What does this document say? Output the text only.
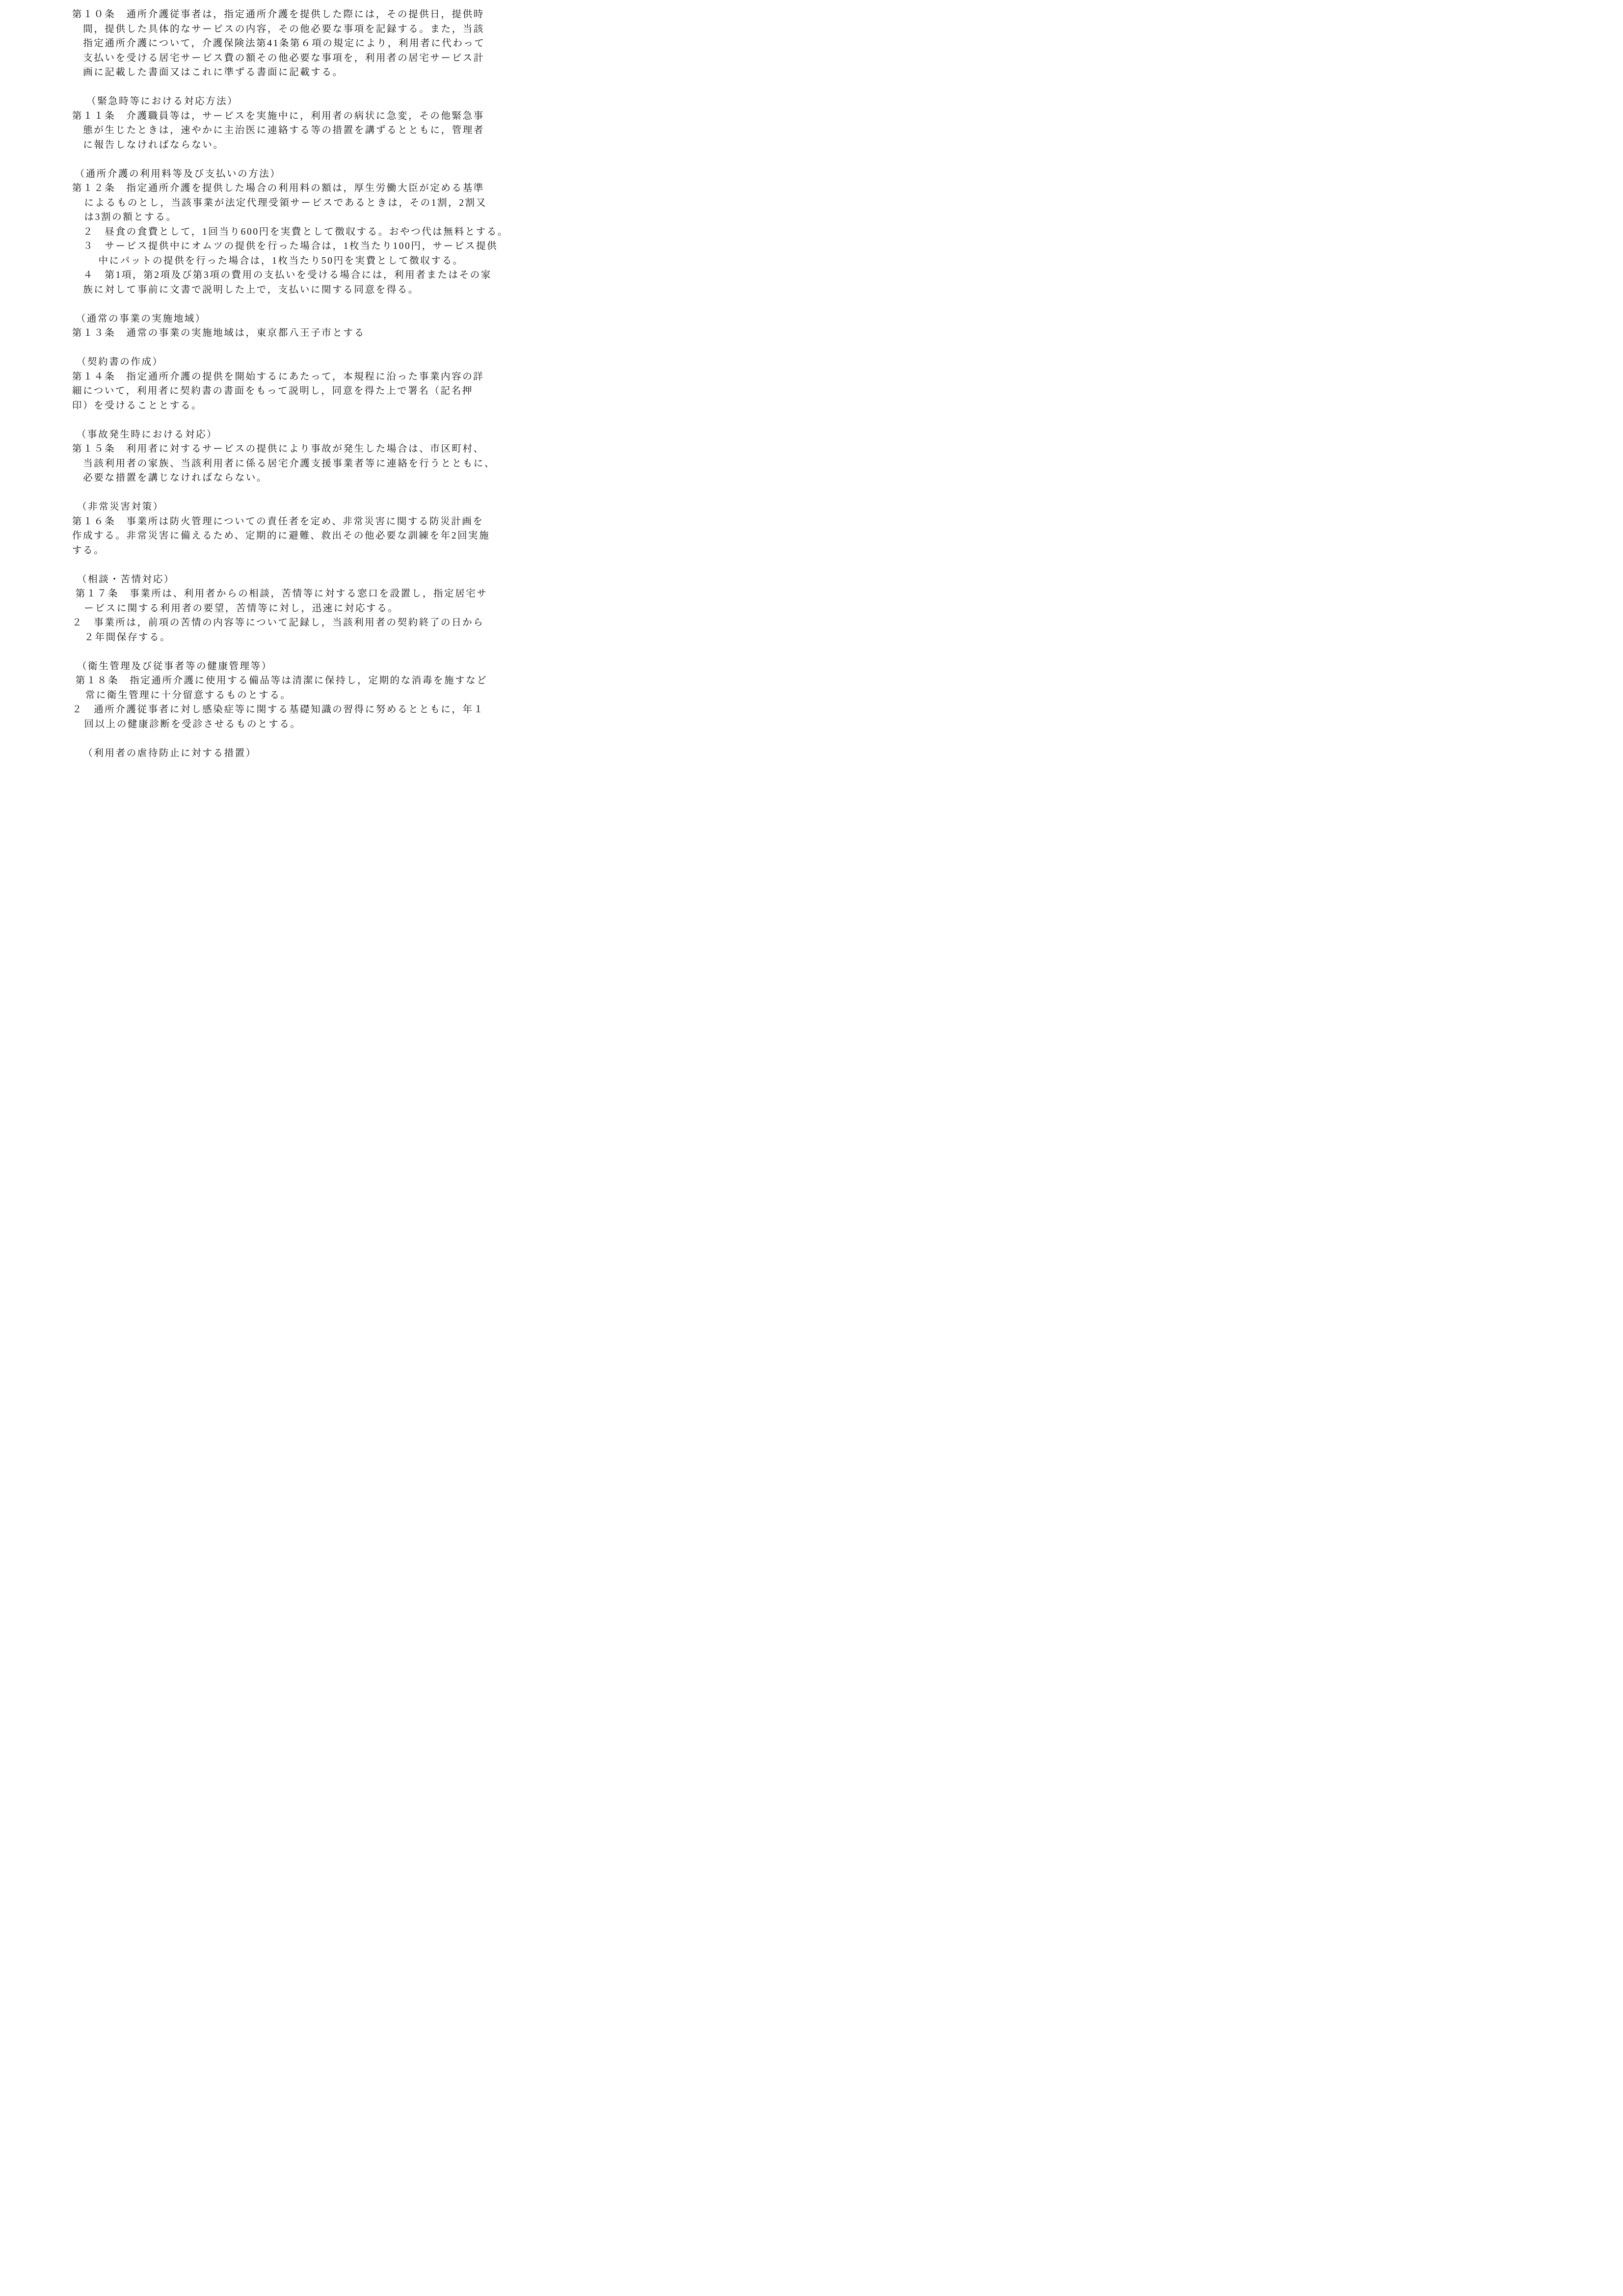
第１０条　通所介護従事者は，指定通所介護を提供した際には，その提供日，提供時
間，提供した具体的なサービスの内容，その他必要な事項を記録する。また，当該
指定通所介護について，介護保険法第41条第６項の規定により，利用者に代わって
支払いを受ける居宅サービス費の額その他必要な事項を，利用者の居宅サービス計
画に記載した書面又はこれに準ずる書面に記載する。

（緊急時等における対応方法）
第１１条　介護職員等は，サービスを実施中に，利用者の病状に急変，その他緊急事
態が生じたときは，速やかに主治医に連絡する等の措置を講ずるとともに，管理者
に報告しなければならない。

（通所介護の利用料等及び支払いの方法）
第１２条　指定通所介護を提供した場合の利用料の額は，厚生労働大臣が定める基準
によるものとし，当該事業が法定代理受領サービスであるときは，その1割，2割又
は3割の額とする。
２　昼食の食費として，1回当り600円を実費として徴収する。おやつ代は無料とする。
３　サービス提供中にオムツの提供を行った場合は，1枚当たり100円，サービス提供
中にパットの提供を行った場合は，1枚当たり50円を実費として徴収する。
４　第1項，第2項及び第3項の費用の支払いを受ける場合には，利用者またはその家
族に対して事前に文書で説明した上で，支払いに関する同意を得る。

（通常の事業の実施地域）
第１３条　通常の事業の実施地域は，東京都八王子市とする

（契約書の作成）
第１４条　指定通所介護の提供を開始するにあたって，本規程に沿った事業内容の詳
細について，利用者に契約書の書面をもって説明し，同意を得た上で署名（記名押
印）を受けることとする。

（事故発生時における対応）
第１５条　利用者に対するサービスの提供により事故が発生した場合は、市区町村、
当該利用者の家族、当該利用者に係る居宅介護支援事業者等に連絡を行うとともに、
必要な措置を講じなければならない。

（非常災害対策）
第１６条　事業所は防火管理についての責任者を定め、非常災害に関する防災計画を
作成する。非常災害に備えるため、定期的に避難、救出その他必要な訓練を年2回実施
する。

（相談・苦情対応）
第１７条　事業所は、利用者からの相談，苦情等に対する窓口を設置し，指定居宅サ
ービスに関する利用者の要望，苦情等に対し，迅速に対応する。
２　事業所は，前項の苦情の内容等について記録し，当該利用者の契約終了の日から
２年間保存する。

（衛生管理及び従事者等の健康管理等）
第１８条　指定通所介護に使用する備品等は清潔に保持し，定期的な消毒を施すなど
常に衛生管理に十分留意するものとする。
２　通所介護従事者に対し感染症等に関する基礎知識の習得に努めるとともに，年１
回以上の健康診断を受診させるものとする。

（利用者の虐待防止に対する措置）
